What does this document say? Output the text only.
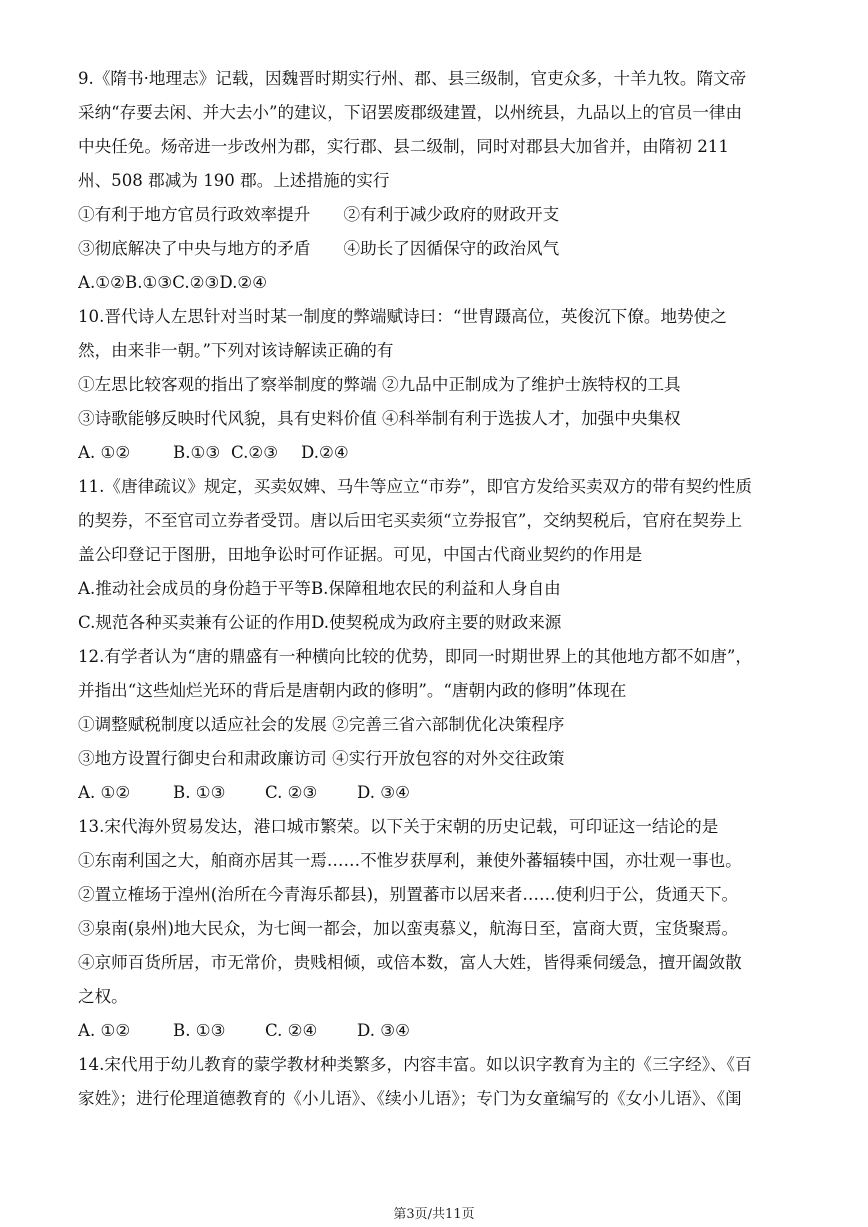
9.《隋书·地理志》记载，因魏晋时期实行州、郡、县三级制，官吏众多，十羊九牧。隋文帝
采纳“存要去闲、并大去小”的建议，下诏罢废郡级建置，以州统县，九品以上的官员一律由
中央任免。炀帝进一步改州为郡，实行郡、县二级制，同时对郡县大加省并，由隋初 211
州、508 郡减为 190 郡。上述措施的实行
①有利于地方官员行政效率提升　　②有利于减少政府的财政开支
③彻底解决了中央与地方的矛盾　　④助长了因循保守的政治风气
A.①②B.①③C.②③D.②④
10.晋代诗人左思针对当时某一制度的弊端赋诗曰：“世胄蹑高位，英俊沉下僚。地势使之
然，由来非一朝。”下列对该诗解读正确的有
①左思比较客观的指出了察举制度的弊端 ②九品中正制成为了维护士族特权的工具
③诗歌能够反映时代风貌，具有史料价值 ④科举制有利于选拔人才，加强中央集权
A. ①②	B.①③ C.②③ D.②④
11.《唐律疏议》规定，买卖奴婢、马牛等应立“市券”，即官方发给买卖双方的带有契约性质
的契券，不至官司立券者受罚。唐以后田宅买卖须“立券报官”，交纳契税后，官府在契券上
盖公印登记于图册，田地争讼时可作证据。可见，中国古代商业契约的作用是
A.推动社会成员的身份趋于平等B.保障租地农民的利益和人身自由
C.规范各种买卖兼有公证的作用D.使契税成为政府主要的财政来源
12.有学者认为“唐的鼎盛有一种横向比较的优势，即同一时期世界上的其他地方都不如唐”，
并指出“这些灿烂光环的背后是唐朝内政的修明”。“唐朝内政的修明”体现在
①调整赋税制度以适应社会的发展 ②完善三省六部制优化决策程序
③地方设置行御史台和肃政廉访司 ④实行开放包容的对外交往政策
A. ①②	B. ①③ C. ②③ D. ③④
13.宋代海外贸易发达，港口城市繁荣。以下关于宋朝的历史记载，可印证这一结论的是
①东南利国之大，舶商亦居其一焉……不惟岁获厚利，兼使外蕃辐辏中国，亦壮观一事也。
②置立榷场于湟州(治所在今青海乐都县)，别置蕃市以居来者……使利归于公，货通天下。
③泉南(泉州)地大民众，为七闽一都会，加以蛮夷慕义，航海日至，富商大贾，宝货聚焉。
④京师百货所居，市无常价，贵贱相倾，或倍本数，富人大姓，皆得乘伺缓急，擅开阖敛散
之权。
A. ①②	B. ①③ C. ②④ D. ③④
14.宋代用于幼儿教育的蒙学教材种类繁多，内容丰富。如以识字教育为主的《三字经》、《百
家姓》；进行伦理道德教育的《小儿语》、《续小儿语》；专门为女童编写的《女小儿语》、《闺
第3页/共11页
